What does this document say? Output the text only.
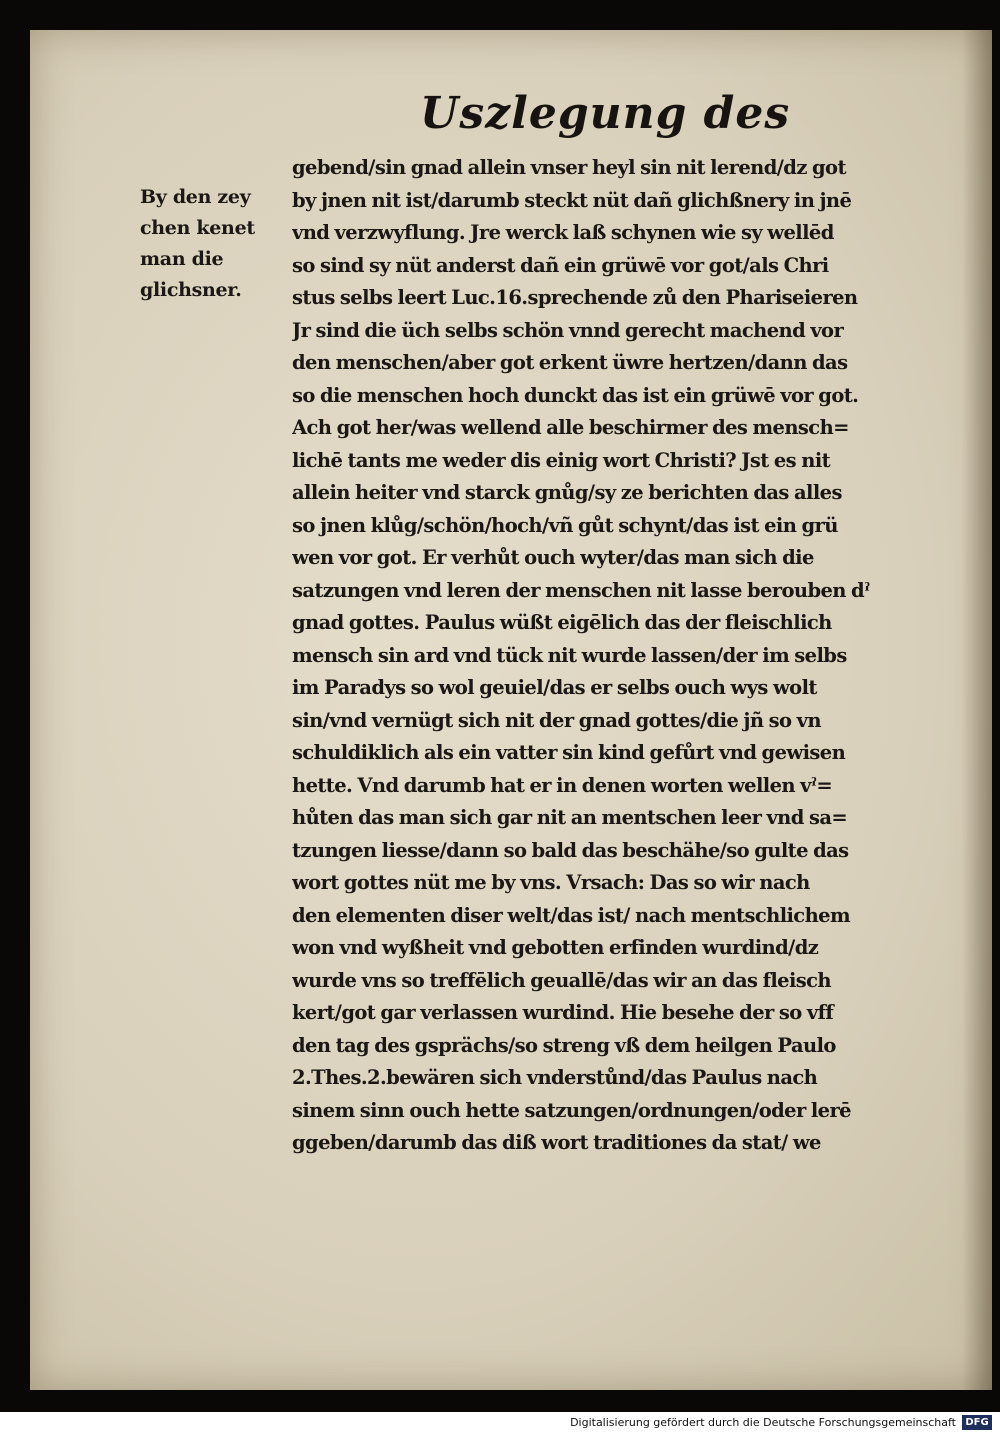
Uszlegung des
By den zey
chen kenet
man die
glichsner.
gebend/sin gnad allein vnser heyl sin nit lerend/dz got
by jnen nit ist/darumb steckt nüt dañ glichßnery in jnē
vnd verzwyflung. Jre werck laß schynen wie sy wellēd
so sind sy nüt anderst dañ ein grüwē vor got/als Chri
stus selbs leert Luc.16.sprechende zů den Phariseieren
Jr sind die üch selbs schön vnnd gerecht machend vor
den menschen/aber got erkent üwre hertzen/dann das
so die menschen hoch dunckt das ist ein grüwē vor got.
Ach got her/was wellend alle beschirmer des mensch=
lichē tants me weder dis einig wort Christi? Jst es nit
allein heiter vnd starck gnůg/sy ze berichten das alles
so jnen klůg/schön/hoch/vñ gůt schynt/das ist ein grü
wen vor got. Er verhůt ouch wyter/das man sich die
satzungen vnd leren der menschen nit lasse berouben dˀ
gnad gottes. Paulus wüßt eigēlich das der fleischlich
mensch sin ard vnd tück nit wurde lassen/der im selbs
im Paradys so wol geuiel/das er selbs ouch wys wolt
sin/vnd vernügt sich nit der gnad gottes/die jñ so vn
schuldiklich als ein vatter sin kind gefůrt vnd gewisen
hette. Vnd darumb hat er in denen worten wellen vˀ=
hůten das man sich gar nit an mentschen leer vnd sa=
tzungen liesse/dann so bald das beschähe/so gulte das
wort gottes nüt me by vns. Vrsach: Das so wir nach
den elementen diser welt/das ist/ nach mentschlichem
won vnd wyßheit vnd gebotten erfinden wurdind/dz
wurde vns so treffēlich geuallē/das wir an das fleisch
kert/got gar verlassen wurdind. Hie besehe der so vff
den tag des gsprächs/so streng vß dem heilgen Paulo
2.Thes.2.bewären sich vnderstůnd/das Paulus nach
sinem sinn ouch hette satzungen/ordnungen/oder lerē
ggeben/darumb das diß wort traditiones da stat/ we
Digitalisierung gefördert durch die Deutsche Forschungsgemeinschaft DFG
